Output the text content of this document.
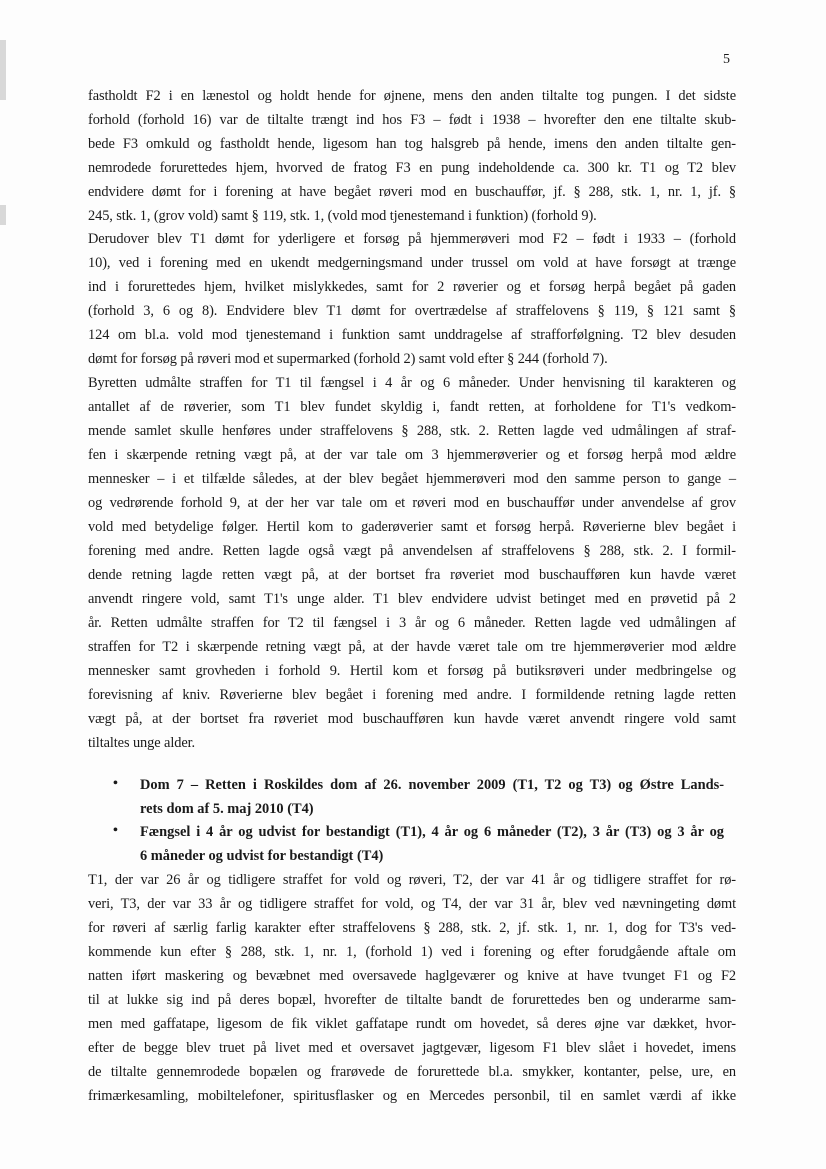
5
fastholdt F2 i en lænestol og holdt hende for øjnene, mens den anden tiltalte tog pungen. I det sidste
forhold (forhold 16) var de tiltalte trængt ind hos F3 – født i 1938 – hvorefter den ene tiltalte skub-
bede F3 omkuld og fastholdt hende, ligesom han tog halsgreb på hende, imens den anden tiltalte gen-
nemrodede forurettedes hjem, hvorved de fratog F3 en pung indeholdende ca. 300 kr. T1 og T2 blev
endvidere dømt for i forening at have begået røveri mod en buschauffør, jf. § 288, stk. 1, nr. 1, jf. §
245, stk. 1, (grov vold) samt § 119, stk. 1, (vold mod tjenestemand i funktion) (forhold 9).
Derudover blev T1 dømt for yderligere et forsøg på hjemmerøveri mod F2 – født i 1933 – (forhold
10), ved i forening med en ukendt medgerningsmand under trussel om vold at have forsøgt at trænge
ind i forurettedes hjem, hvilket mislykkedes, samt for 2 røverier og et forsøg herpå begået på gaden
(forhold 3, 6 og 8). Endvidere blev T1 dømt for overtrædelse af straffelovens § 119, § 121 samt §
124 om bl.a. vold mod tjenestemand i funktion samt unddragelse af strafforfølgning. T2 blev desuden
dømt for forsøg på røveri mod et supermarked (forhold 2) samt vold efter § 244 (forhold 7).
Byretten udmålte straffen for T1 til fængsel i 4 år og 6 måneder. Under henvisning til karakteren og
antallet af de røverier, som T1 blev fundet skyldig i, fandt retten, at forholdene for T1's vedkom-
mende samlet skulle henføres under straffelovens § 288, stk. 2. Retten lagde ved udmålingen af straf-
fen i skærpende retning vægt på, at der var tale om 3 hjemmerøverier og et forsøg herpå mod ældre
mennesker – i et tilfælde således, at der blev begået hjemmerøveri mod den samme person to gange –
og vedrørende forhold 9, at der her var tale om et røveri mod en buschauffør under anvendelse af grov
vold med betydelige følger. Hertil kom to gaderøverier samt et forsøg herpå. Røverierne blev begået i
forening med andre. Retten lagde også vægt på anvendelsen af straffelovens § 288, stk. 2. I formil-
dende retning lagde retten vægt på, at der bortset fra røveriet mod buschaufføren kun havde været
anvendt ringere vold, samt T1's unge alder. T1 blev endvidere udvist betinget med en prøvetid på 2
år. Retten udmålte straffen for T2 til fængsel i 3 år og 6 måneder. Retten lagde ved udmålingen af
straffen for T2 i skærpende retning vægt på, at der havde været tale om tre hjemmerøverier mod ældre
mennesker samt grovheden i forhold 9. Hertil kom et forsøg på butiksrøveri under medbringelse og
forevisning af kniv. Røverierne blev begået i forening med andre. I formildende retning lagde retten
vægt på, at der bortset fra røveriet mod buschaufføren kun havde været anvendt ringere vold samt
tiltaltes unge alder.
• Dom 7 – Retten i Roskildes dom af 26. november 2009 (T1, T2 og T3) og Østre Lands-
rets dom af 5. maj 2010 (T4)
• Fængsel i 4 år og udvist for bestandigt (T1), 4 år og 6 måneder (T2), 3 år (T3) og 3 år og
6 måneder og udvist for bestandigt (T4)
T1, der var 26 år og tidligere straffet for vold og røveri, T2, der var 41 år og tidligere straffet for rø-
veri, T3, der var 33 år og tidligere straffet for vold, og T4, der var 31 år, blev ved nævningeting dømt
for røveri af særlig farlig karakter efter straffelovens § 288, stk. 2, jf. stk. 1, nr. 1, dog for T3's ved-
kommende kun efter § 288, stk. 1, nr. 1, (forhold 1) ved i forening og efter forudgående aftale om
natten iført maskering og bevæbnet med oversavede haglgeværer og knive at have tvunget F1 og F2
til at lukke sig ind på deres bopæl, hvorefter de tiltalte bandt de forurettedes ben og underarme sam-
men med gaffatape, ligesom de fik viklet gaffatape rundt om hovedet, så deres øjne var dækket, hvor-
efter de begge blev truet på livet med et oversavet jagtgevær, ligesom F1 blev slået i hovedet, imens
de tiltalte gennemrodede bopælen og frarøvede de forurettede bl.a. smykker, kontanter, pelse, ure, en
frimærkesamling, mobiltelefoner, spiritusflasker og en Mercedes personbil, til en samlet værdi af ikke
